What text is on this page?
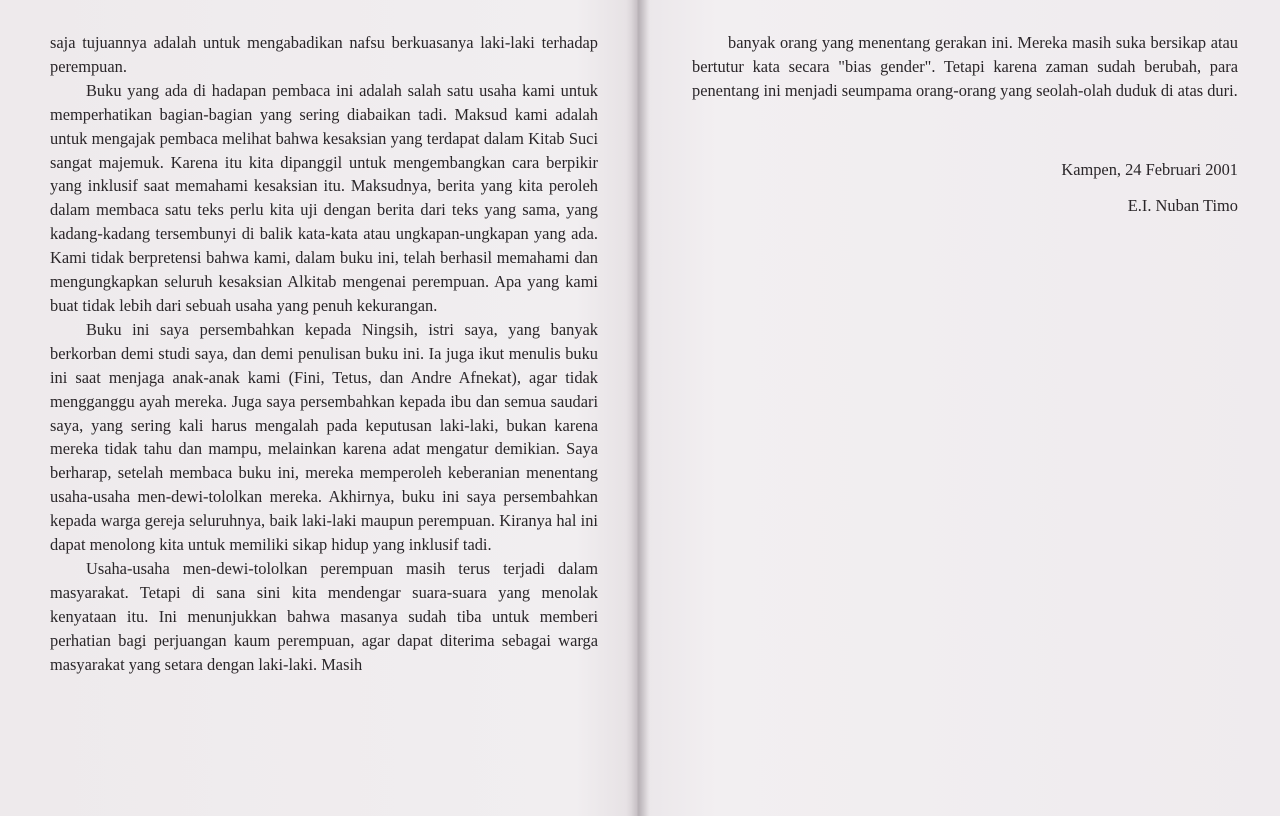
saja tujuannya adalah untuk mengabadikan nafsu berkuasanya laki-laki terhadap perempuan.

Buku yang ada di hadapan pembaca ini adalah salah satu usaha kami untuk memperhatikan bagian-bagian yang sering diabaikan tadi. Maksud kami adalah untuk mengajak pembaca melihat bahwa kesaksian yang terdapat dalam Kitab Suci sangat majemuk. Karena itu kita dipanggil untuk mengembangkan cara berpikir yang inklusif saat memahami kesaksian itu. Maksudnya, berita yang kita peroleh dalam membaca satu teks perlu kita uji dengan berita dari teks yang sama, yang kadang-kadang tersembunyi di balik kata-kata atau ungkapan-ungkapan yang ada. Kami tidak berpretensi bahwa kami, dalam buku ini, telah berhasil memahami dan mengungkapkan seluruh kesaksian Alkitab mengenai perempuan. Apa yang kami buat tidak lebih dari sebuah usaha yang penuh kekurangan.

Buku ini saya persembahkan kepada Ningsih, istri saya, yang banyak berkorban demi studi saya, dan demi penulisan buku ini. Ia juga ikut menulis buku ini saat menjaga anak-anak kami (Fini, Tetus, dan Andre Afnekat), agar tidak mengganggu ayah mereka. Juga saya persembahkan kepada ibu dan semua saudari saya, yang sering kali harus mengalah pada keputusan laki-laki, bukan karena mereka tidak tahu dan mampu, melainkan karena adat mengatur demikian. Saya berharap, setelah membaca buku ini, mereka memperoleh keberanian menentang usaha-usaha men-dewi-tololkan mereka. Akhirnya, buku ini saya persembahkan kepada warga gereja seluruhnya, baik laki-laki maupun perempuan. Kiranya hal ini dapat menolong kita untuk memiliki sikap hidup yang inklusif tadi.

Usaha-usaha men-dewi-tololkan perempuan masih terus terjadi dalam masyarakat. Tetapi di sana sini kita mendengar suara-suara yang menolak kenyataan itu. Ini menunjukkan bahwa masanya sudah tiba untuk memberi perhatian bagi perjuangan kaum perempuan, agar dapat diterima sebagai warga masyarakat yang setara dengan laki-laki. Masih

banyak orang yang menentang gerakan ini. Mereka masih suka bersikap atau bertutur kata secara "bias gender". Tetapi karena zaman sudah berubah, para penentang ini menjadi seumpama orang-orang yang seolah-olah duduk di atas duri.

Kampen, 24 Februari 2001
E.I. Nuban Timo
